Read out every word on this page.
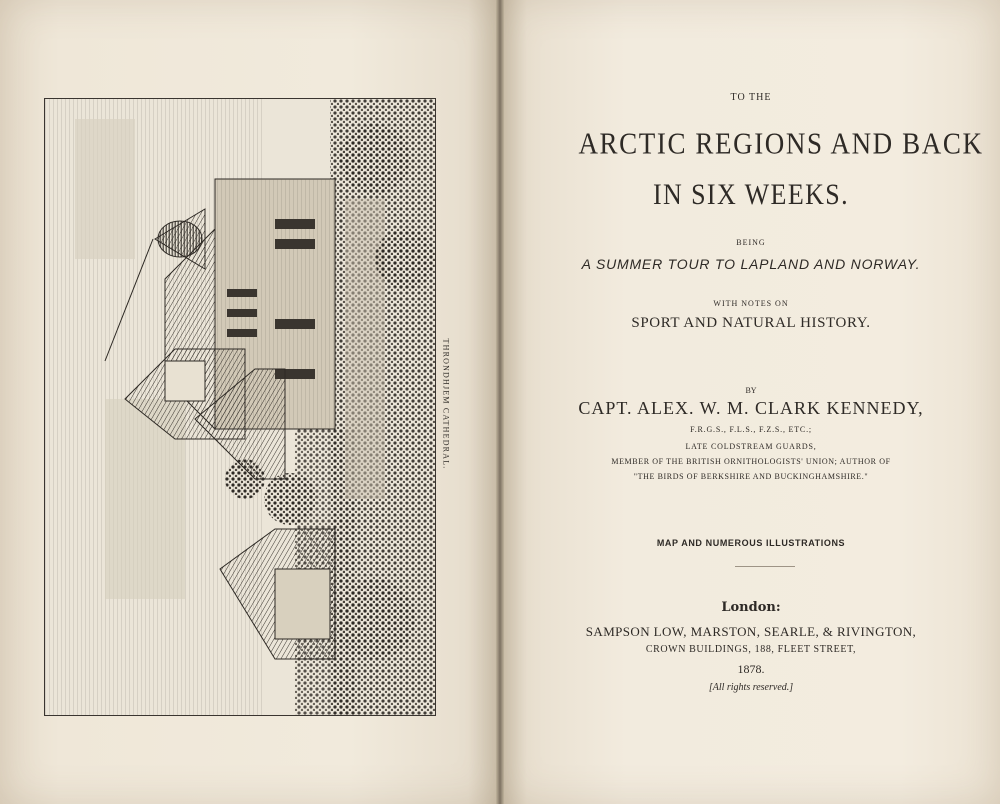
THRONDHJEM CATHEDRAL.
TO THE
ARCTIC REGIONS AND BACK
IN SIX WEEKS.
BEING
A SUMMER TOUR TO LAPLAND AND NORWAY.
WITH NOTES ON
SPORT AND NATURAL HISTORY.
BY
CAPT. ALEX. W. M. CLARK KENNEDY,
F.R.G.S., F.L.S., F.Z.S., ETC.;
LATE COLDSTREAM GUARDS,
MEMBER OF THE BRITISH ORNITHOLOGISTS' UNION; AUTHOR OF
"THE BIRDS OF BERKSHIRE AND BUCKINGHAMSHIRE."
MAP AND NUMEROUS ILLUSTRATIONS
London:
SAMPSON LOW, MARSTON, SEARLE, & RIVINGTON,
CROWN BUILDINGS, 188, FLEET STREET,
1878.
[All rights reserved.]
